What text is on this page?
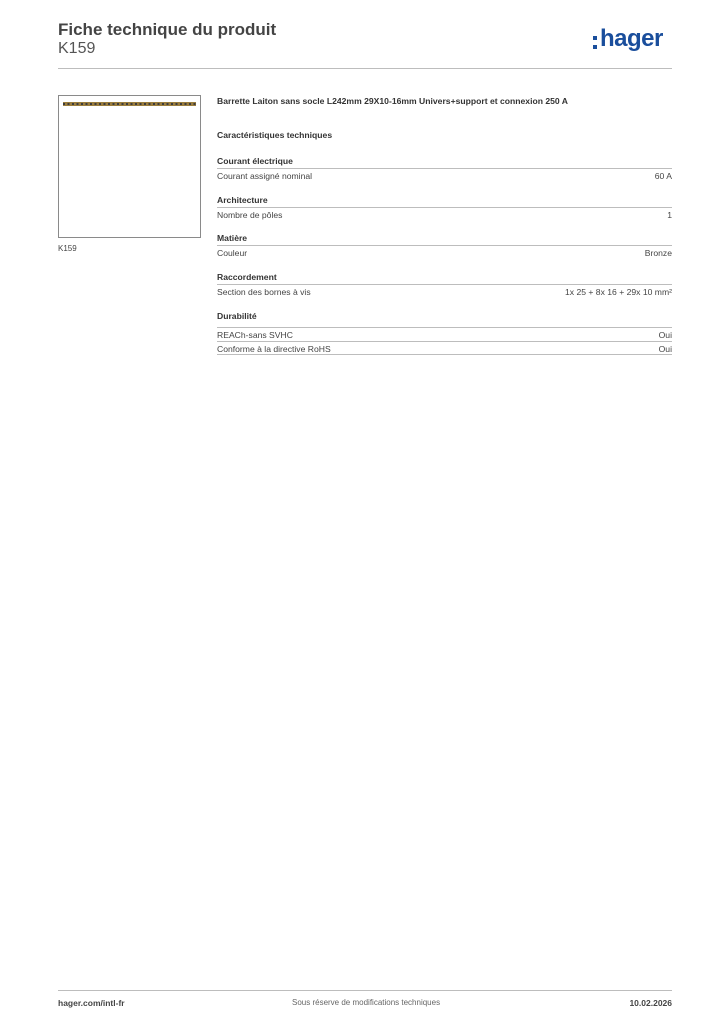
Fiche technique du produit
K159	hager
K159
Barrette Laiton sans socle L242mm 29X10-16mm Univers+support et connexion 250 A
Caractéristiques techniques
Courant électrique
Courant assigné nominal	60 A
Architecture
Nombre de pôles	1
Matière
Couleur	Bronze
Raccordement
Section des bornes à vis	1x 25 + 8x 16 + 29x 10 mm²
Durabilité
REACh-sans SVHC	Oui
Conforme à la directive RoHS	Oui
hager.com/intl-fr	Sous réserve de modifications techniques	10.02.2026
